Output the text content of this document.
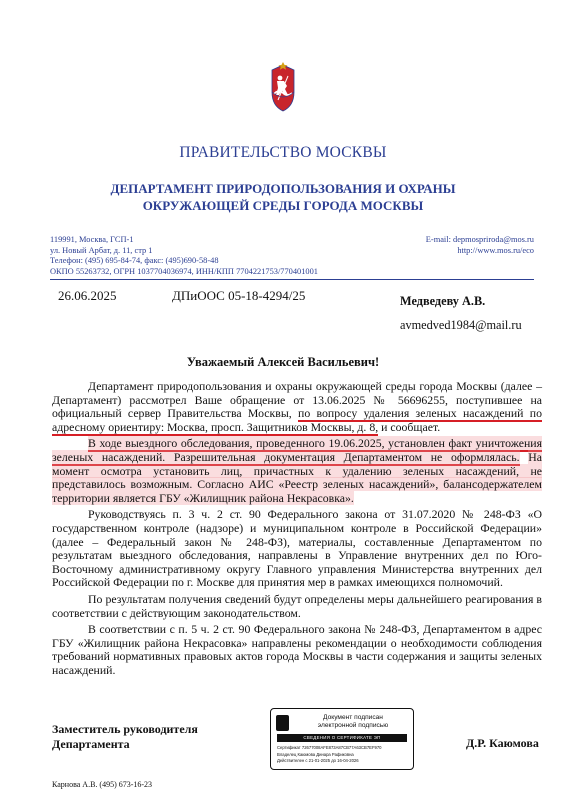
ПРАВИТЕЛЬСТВО МОСКВЫ
ДЕПАРТАМЕНТ ПРИРОДОПОЛЬЗОВАНИЯ И ОХРАНЫ
ОКРУЖАЮЩЕЙ СРЕДЫ ГОРОДА МОСКВЫ
119991, Москва, ГСП-1
ул. Новый Арбат, д. 11, стр 1
Телефон: (495) 695-84-74, факс: (495)690-58-48
ОКПО 55263732, ОГРН 1037704036974, ИНН/КПП 7704221753/770401001
E-mail: depmospriroda@mos.ru
http://www.mos.ru/eco
26.06.2025	ДПиООС 05-18-4294/25	Медведеву А.В.
avmedved1984@mail.ru
Уважаемый Алексей Васильевич!

Департамент природопользования и охраны окружающей среды города Москвы (далее – Департамент) рассмотрел Ваше обращение от 13.06.2025 № 56696255, поступившее на официальный сервер Правительства Москвы, по вопросу удаления зеленых насаждений по адресному ориентиру: Москва, просп. Защитников Москвы, д. 8, и сообщает.

В ходе выездного обследования, проведенного 19.06.2025, установлен факт уничтожения зеленых насаждений. Разрешительная документация Департаментом не оформлялась. На момент осмотра установить лиц, причастных к удалению зеленых насаждений, не представилось возможным. Согласно АИС «Реестр зеленых насаждений», балансодержателем территории является ГБУ «Жилищник района Некрасовка».

Руководствуясь п. 3 ч. 2 ст. 90 Федерального закона от 31.07.2020 № 248-ФЗ «О государственном контроле (надзоре) и муниципальном контроле в Российской Федерации» (далее – Федеральный закон № 248-ФЗ), материалы, составленные Департаментом по результатам выездного обследования, направлены в Управление внутренних дел по Юго-Восточному административному округу Главного управления Министерства внутренних дел Российской Федерации по г. Москве для принятия мер в рамках имеющихся полномочий.

По результатам получения сведений будут определены меры дальнейшего реагирования в соответствии с действующим законодательством.

В соответствии с п. 5 ч. 2 ст. 90 Федерального закона № 248-ФЗ, Департаментом в адрес ГБУ «Жилищник района Некрасовка» направлены рекомендации о необходимости соблюдения требований нормативных правовых актов города Москвы в части содержания и защиты зеленых насаждений.

Заместитель руководителя
Департамента
Документ подписан
электронной подписью
СВЕДЕНИЯ О СЕРТИФИКАТЕ ЭП
Сертификат 72677008AFE873A87CB77A63CB7EF970
Владелец Каюмова Динара Рафиковна
Действителен с 21-01-2025 до 16-04-2026
Д.Р. Каюмова
Карнова А.В. (495) 673-16-23
